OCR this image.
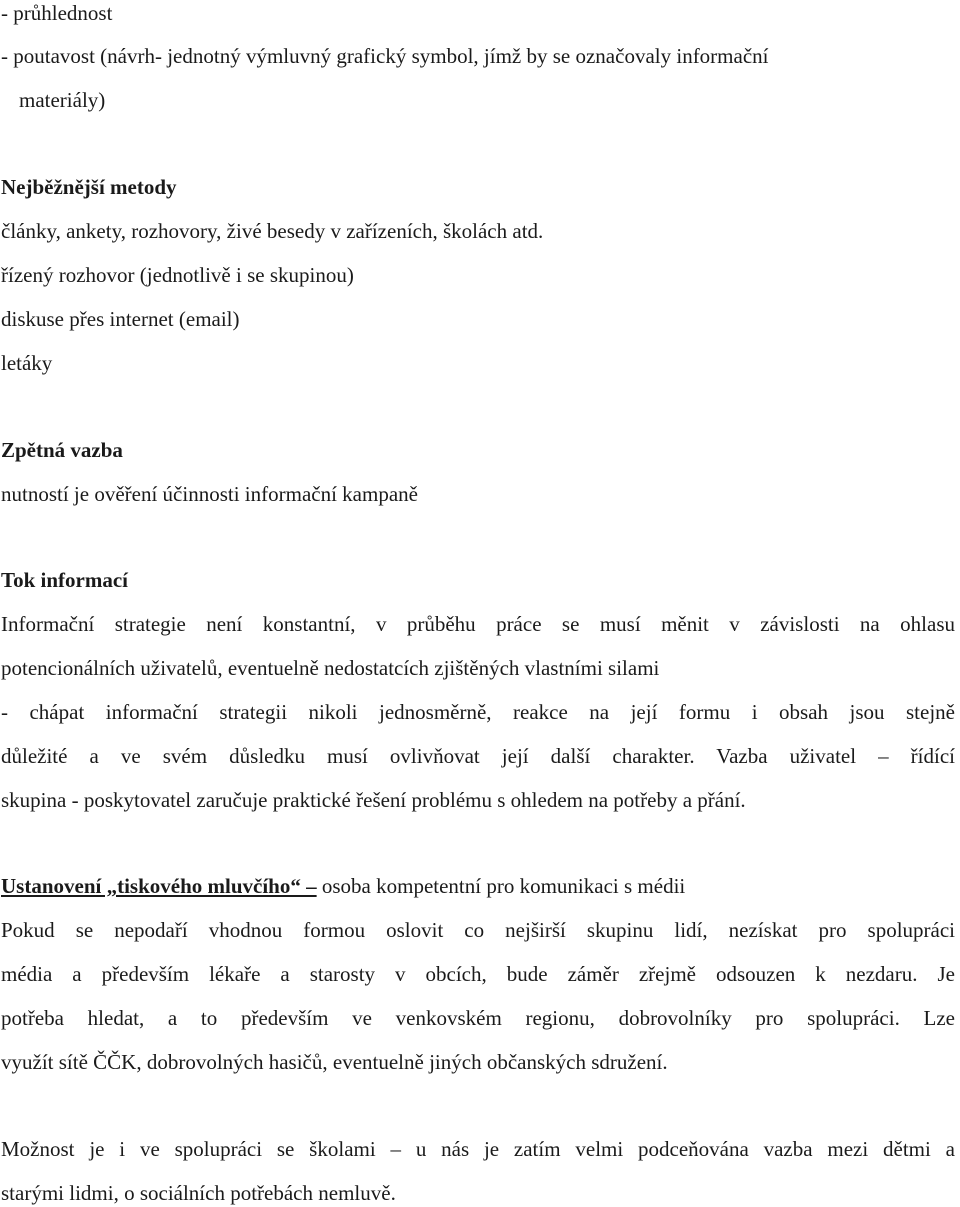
- průhlednost
- poutavost (návrh- jednotný výmluvný grafický symbol, jímž by se označovaly informační
materiály)
Nejběžnější metody
články, ankety, rozhovory, živé besedy v zařízeních, školách atd.
řízený rozhovor (jednotlivě i se skupinou)
diskuse přes internet (email)
letáky
Zpětná vazba
nutností je ověření účinnosti informační kampaně
Tok informací
Informační strategie není konstantní, v průběhu práce se musí měnit v závislosti na ohlasu
potencionálních uživatelů, eventuelně nedostatcích zjištěných vlastními silami
- chápat informační strategii nikoli jednosměrně, reakce na její formu i obsah jsou stejně
důležité a ve svém důsledku musí ovlivňovat její další charakter. Vazba uživatel – řídící
skupina - poskytovatel zaručuje praktické řešení problému s ohledem na potřeby a přání.
Ustanovení „tiskového mluvčího“ – osoba kompetentní pro komunikaci s médii
Pokud se nepodaří vhodnou formou oslovit co nejširší skupinu lidí, nezískat pro spolupráci
média a především lékaře a starosty v obcích, bude záměr zřejmě odsouzen k nezdaru. Je
potřeba hledat, a to především ve venkovském regionu, dobrovolníky pro spolupráci. Lze
využít sítě ČČK, dobrovolných hasičů, eventuelně jiných občanských sdružení.
Možnost je i ve spolupráci se školami – u nás je zatím velmi podceňována vazba mezi dětmi a
starými lidmi, o sociálních potřebách nemluvě.
